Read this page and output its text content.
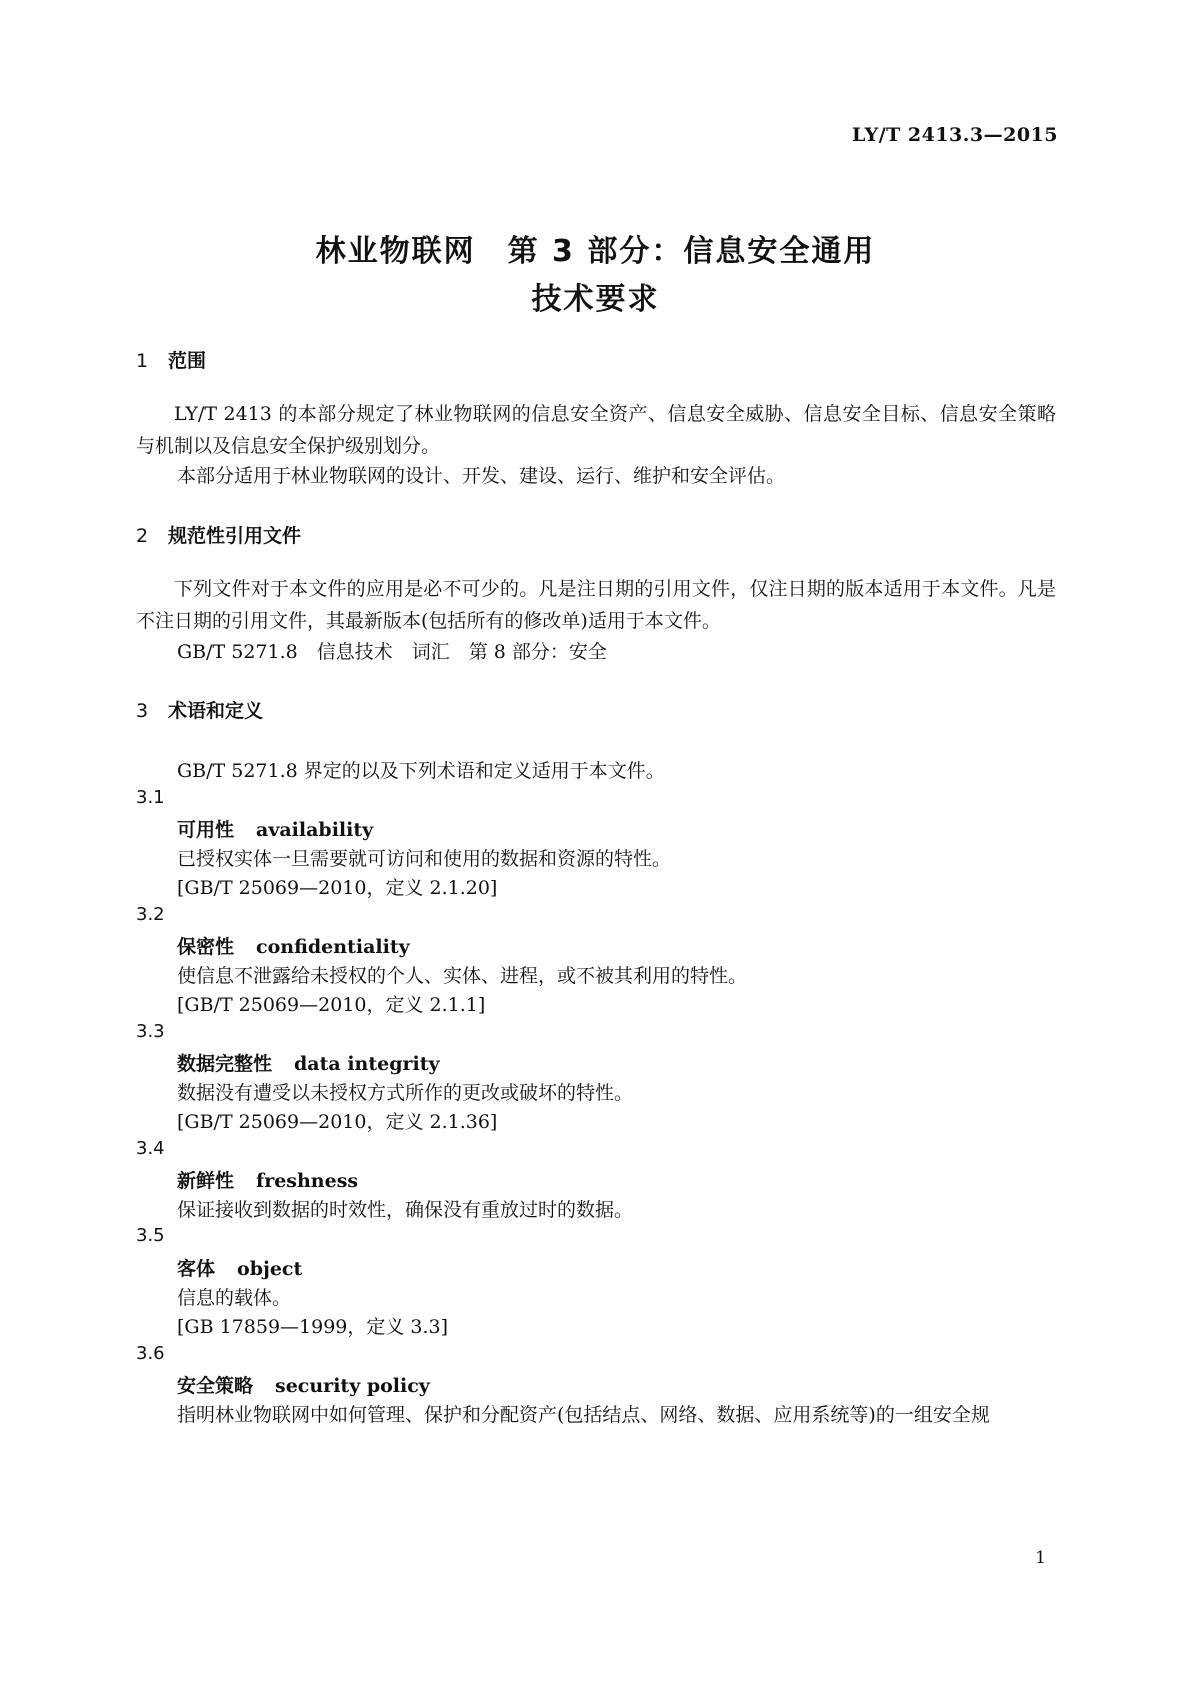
LY/T 2413.3—2015
林业物联网　第 3 部分：信息安全通用
技术要求
1 范围
LY/T 2413 的本部分规定了林业物联网的信息安全资产、信息安全威胁、信息安全目标、信息安全策略与机制以及信息安全保护级别划分。
本部分适用于林业物联网的设计、开发、建设、运行、维护和安全评估。
2 规范性引用文件
下列文件对于本文件的应用是必不可少的。凡是注日期的引用文件，仅注日期的版本适用于本文件。凡是不注日期的引用文件，其最新版本(包括所有的修改单)适用于本文件。
GB/T 5271.8　信息技术　词汇　第 8 部分：安全
3 术语和定义
GB/T 5271.8 界定的以及下列术语和定义适用于本文件。
3.1
可用性 availability
已授权实体一旦需要就可访问和使用的数据和资源的特性。
[GB/T 25069—2010，定义 2.1.20]
3.2
保密性 confidentiality
使信息不泄露给未授权的个人、实体、进程，或不被其利用的特性。
[GB/T 25069—2010，定义 2.1.1]
3.3
数据完整性 data integrity
数据没有遭受以未授权方式所作的更改或破坏的特性。
[GB/T 25069—2010，定义 2.1.36]
3.4
新鲜性 freshness
保证接收到数据的时效性，确保没有重放过时的数据。
3.5
客体 object
信息的载体。
[GB 17859—1999，定义 3.3]
3.6
安全策略 security policy
指明林业物联网中如何管理、保护和分配资产(包括结点、网络、数据、应用系统等)的一组安全规
1
